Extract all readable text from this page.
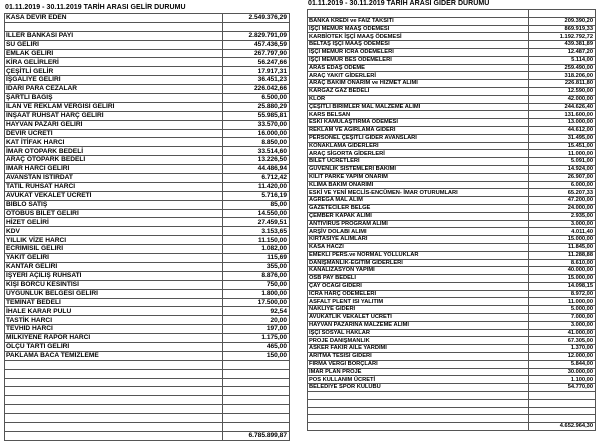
01.11.2019 - 30.11.2019 TARİH ARASI GELİR DURUMU
KASA DEVİR EDEN	2.549.376,29

İLLER BANKASI PAYI	2.829.791,09
SU GELİRİ	457.436,59
EMLAK GELİRİ	267.797,90
KİRA GELİRLERİ	56.247,66
ÇEŞİTLİ GELİR	17.917,31
İŞGALİYE GELİRİ	36.451,23
İDARİ PARA CEZALAR	226.042,66
ŞARTLI BAĞIŞ	6.500,00
İLAN VE REKLAM VERGİSİ GELİRİ	25.880,29
İNŞAAT RUHSAT HARÇ GELİRİ	55.985,81
HAYVAN PAZARI GELİRİ	33.570,00
DEVİR ÜCRETİ	16.000,00
KAT İTİFAK HARCI	8.850,00
İMAR OTOPARK BEDELİ	33.514,60
ARAÇ OTOPARK BEDELİ	13.226,50
İMAR HARCI GELİRİ	44.486,94
AVANSTAN İSTİRDAT	6.712,42
TATİL RUHSAT HARCI	11.420,00
AVUKAT VEKALET ÜCRETİ	5.716,19
BİBLO SATIŞ	85,00
OTOBÜS BİLET GELİRİ	14.550,00
HİZET GELİRİ	27.459,51
KDV	3.153,65
YILLIK VİZE HARCI	11.150,00
ECRİMİSİL GELİRİ	1.082,00
YAKIT GELİRİ	115,69
KANTAR GELİRİ	355,00
İŞYERİ AÇILIŞ RUHSATI	8.876,00
KİŞİ BORCU KESİNTİSİ	750,00
UYGUNLUK BELGESİ GELİRİ	1.800,00
TEMİNAT BEDELİ	17.500,00
İHALE KARAR PULU	92,54
TASTİK HARCI	20,00
TEVHİD HARCI	197,00
MİLKİYENE RAPOR HARCI	1.175,00
ÖLÇÜ TARTI GELİRİ	465,00
PAKLAMA BACA TEMİZLEME	150,00

	6.785.899,87
01.11.2019 - 30.11.2019 TARİH ARASI GİDER DURUMU

BANKA KREDİ ve FAİZ TAKSİTİ	209.390,20
İŞÇİ MEMUR MAAŞ ÖDEMESİ	869.919,33
KARBİOTEK İŞÇİ MAAŞ ÖDEMESİ	1.192.792,72
BELTAŞ İŞÇİ MAAŞ ÖDEMESİ	439.381,89
İŞÇİ MEMUR İCRA ÖDEMELERİ	12.487,20
İŞÇİ MEMUR BES ÖDEMELERİ	5.114,00
ARAS EDAŞ ÖDEME	259.490,00
ARAÇ YAKIT GİDERLERİ	318.206,00
ARAÇ BAKIM ONARIM ve HİZMET ALIMI	226.811,80
KARGAZ GAZ BEDELİ	12.590,00
KLOR	42.000,00
ÇEŞİTLİ BİRİMLER MAL MALZEME ALIMI	244.626,40
KARS BELSAN	131.600,00
ESKİ KAMULAŞTIRMA ÖDEMESİ	13.000,00
REKLAM VE AĞIRLAMA GİDERİ	44.612,00
PERSONEL ÇEŞİTLİ GİDER AVANSLARI	31.495,00
KONAKLAMA GİDERLERİ	15.451,00
ARAÇ SİGORTA GİDERLERİ	11.000,00
BİLET ÜCRETLERİ	5.091,00
GÜVENLİK SİSTEMLERİ BAKIMI	14.924,00
KİLİT PARKE YAPIM ONARIM	26.907,00
KLİMA BAKIM ONARIMI	6.000,00
ESKİ VE YENİ MECLİS-ENCÜMEN- İMAR OTURUMLARI	65.207,33
AGREGA MAL ALIM	47.200,00
GAZETECİLER BELGE	24.000,00
ÇEMBER KAPAK ALIMI	2.935,00
ANTİVİRÜS PROGRAM ALIMI	3.000,00
ARŞİV DOLABI ALIMI	4.011,40
KİRTASİYE ALIMLARI	15.000,00
KASA HACZİ	11.845,00
EMEKLİ PERS.ve NORMAL YOLLUKLAR	11.288,88
DANIŞMANLIK-EĞİTİM GİDERLERİ	8.610,00
KANALİZASYON YAPIMI	40.000,00
OSB PAY BEDELİ	15.000,00
ÇAY OCAĞI GİDERİ	14.098,15
İCRA HARÇ ÖDEMELERİ	8.972,00
ASFALT PLENT ISI YALITIM	11.000,00
NAKLİYE GİDERİ	5.000,00
AVUKATLIK VEKALET ÜCRETİ	7.000,00
HAYVAN PAZARINA MALZEME ALIMI	3.000,00
İŞÇİ SOSYAL HAKLAR	41.000,00
PROJE DANIŞMANLIK	67.305,00
ASKER FAKİR AİLE YARDIMI	1.370,00
ARITMA TESİSİ GİDERİ	12.000,00
FİRMA VERGİ BORÇLARI	5.844,00
İMAR PLAN PROJE	30.000,00
POS KULLANIM ÜCRETİ	1.100,00
BELEDİYE SPOR KULÜBÜ	54.770,00

	4.652.964,30
